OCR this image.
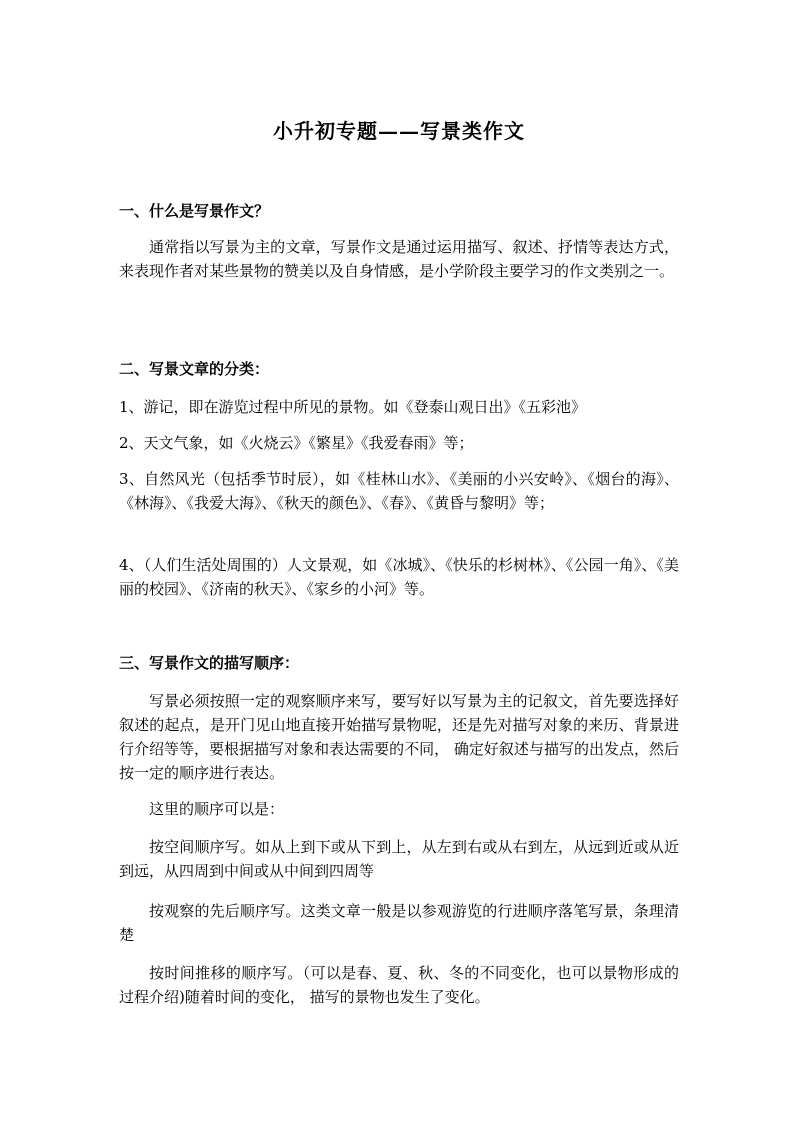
小升初专题——写景类作文
一、什么是写景作文？
通常指以写景为主的文章，写景作文是通过运用描写、叙述、抒情等表达方式，来表现作者对某些景物的赞美以及自身情感，是小学阶段主要学习的作文类别之一。
二、写景文章的分类：
1、游记，即在游览过程中所见的景物。如《登泰山观日出》《五彩池》
2、天文气象，如《火烧云》《繁星》《我爱春雨》等；
3、自然风光（包括季节时辰），如《桂林山水》、《美丽的小兴安岭》、《烟台的海》、《林海》、《我爱大海》、《秋天的颜色》、《春》、《黄昏与黎明》等；
4、（人们生活处周围的）人文景观，如《冰城》、《快乐的杉树林》、《公园一角》、《美丽的校园》、《济南的秋天》、《家乡的小河》等。
三、写景作文的描写顺序：
写景必须按照一定的观察顺序来写，要写好以写景为主的记叙文，首先要选择好叙述的起点，是开门见山地直接开始描写景物呢，还是先对描写对象的来历、背景进行介绍等等，要根据描写对象和表达需要的不同， 确定好叙述与描写的出发点，然后按一定的顺序进行表达。
这里的顺序可以是：
按空间顺序写。如从上到下或从下到上，从左到右或从右到左，从远到近或从近到远，从四周到中间或从中间到四周等
按观察的先后顺序写。这类文章一般是以参观游览的行进顺序落笔写景，条理清楚
按时间推移的顺序写。（可以是春、夏、秋、冬的不同变化，也可以景物形成的过程介绍)随着时间的变化， 描写的景物也发生了变化。
